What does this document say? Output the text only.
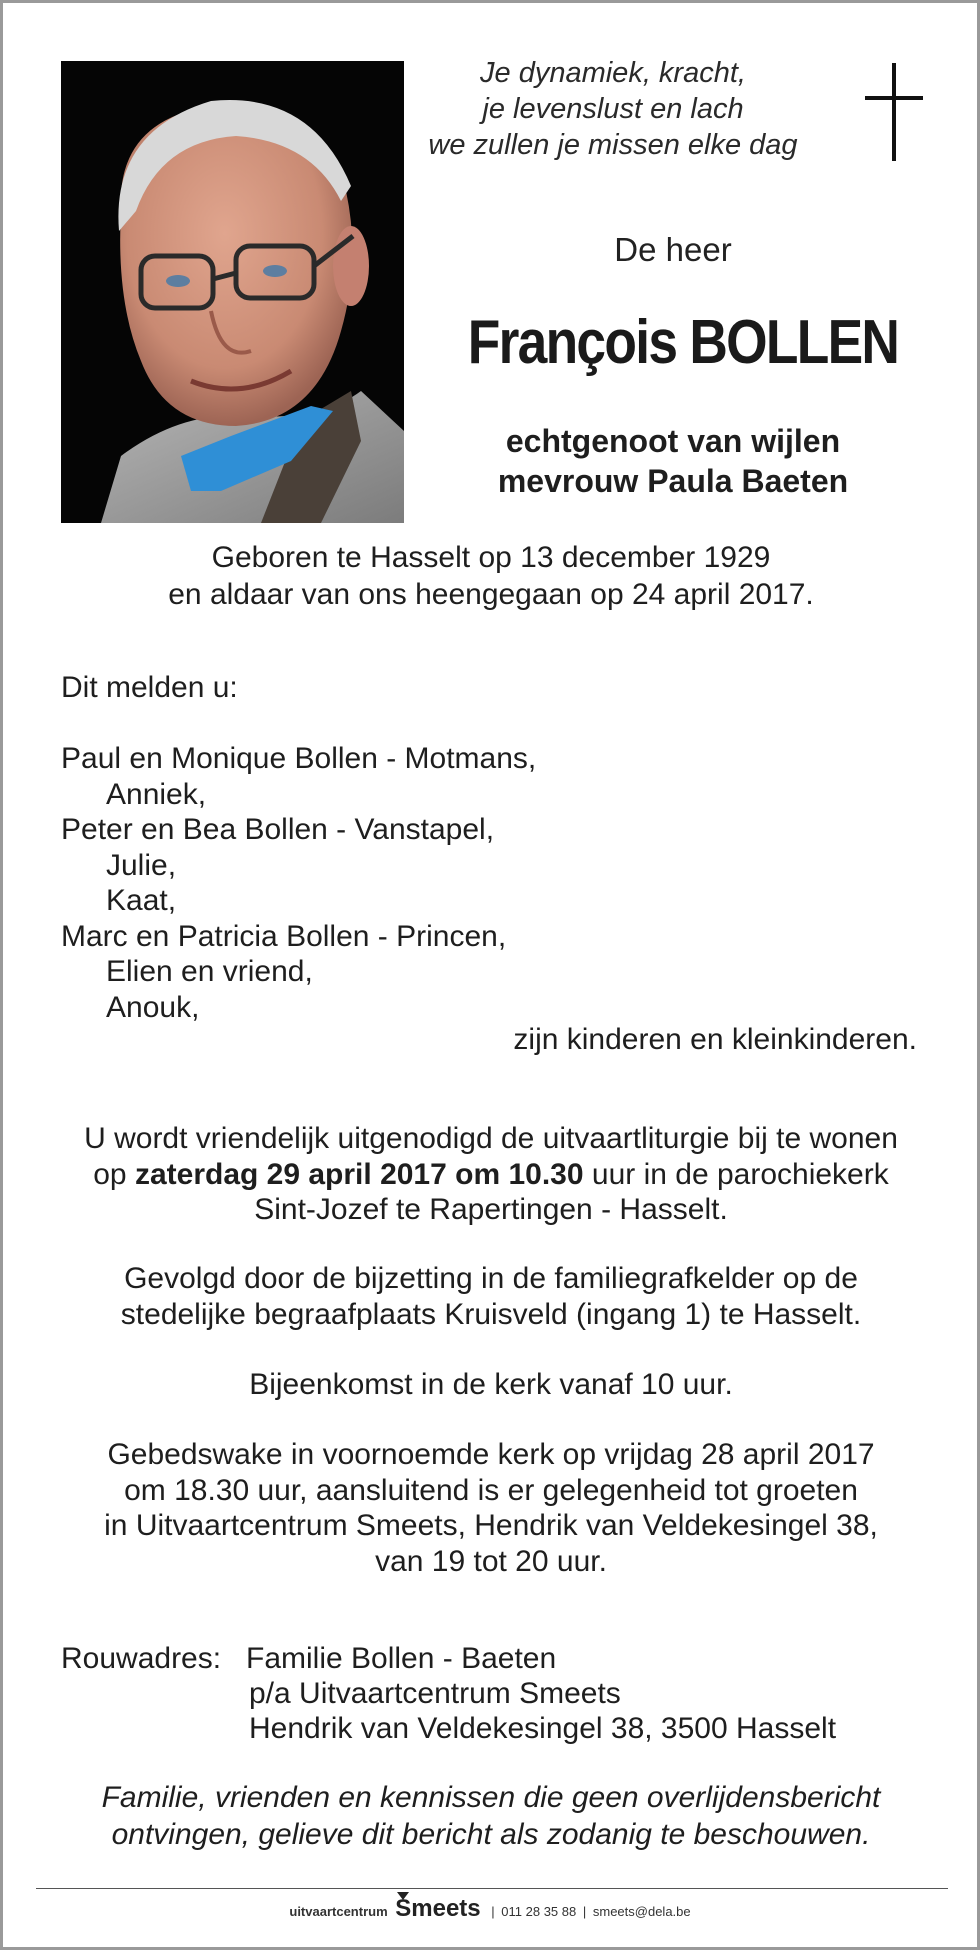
Je dynamiek, kracht,
je levenslust en lach
we zullen je missen elke dag
De heer
François BOLLEN
echtgenoot van wijlen
mevrouw Paula Baeten
Geboren te Hasselt op 13 december 1929
en aldaar van ons heengegaan op 24 april 2017.
Dit melden u:
Paul en Monique Bollen - Motmans,
Anniek,
Peter en Bea Bollen - Vanstapel,
Julie,
Kaat,
Marc en Patricia Bollen - Princen,
Elien en vriend,
Anouk,
zijn kinderen en kleinkinderen.
U wordt vriendelijk uitgenodigd de uitvaartliturgie bij te wonen
op zaterdag 29 april 2017 om 10.30 uur in de parochiekerk
Sint-Jozef te Rapertingen - Hasselt.
Gevolgd door de bijzetting in de familiegrafkelder op de
stedelijke begraafplaats Kruisveld (ingang 1) te Hasselt.
Bijeenkomst in de kerk vanaf 10 uur.
Gebedswake in voornoemde kerk op vrijdag 28 april 2017
om 18.30 uur, aansluitend is er gelegenheid tot groeten
in Uitvaartcentrum Smeets, Hendrik van Veldekesingel 38,
van 19 tot 20 uur.
Rouwadres: Familie Bollen - Baeten
p/a Uitvaartcentrum Smeets
Hendrik van Veldekesingel 38, 3500 Hasselt
Familie, vrienden en kennissen die geen overlijdensbericht
ontvingen, gelieve dit bericht als zodanig te beschouwen.
uitvaartcentrum Smeets | 011 28 35 88 | smeets@dela.be
